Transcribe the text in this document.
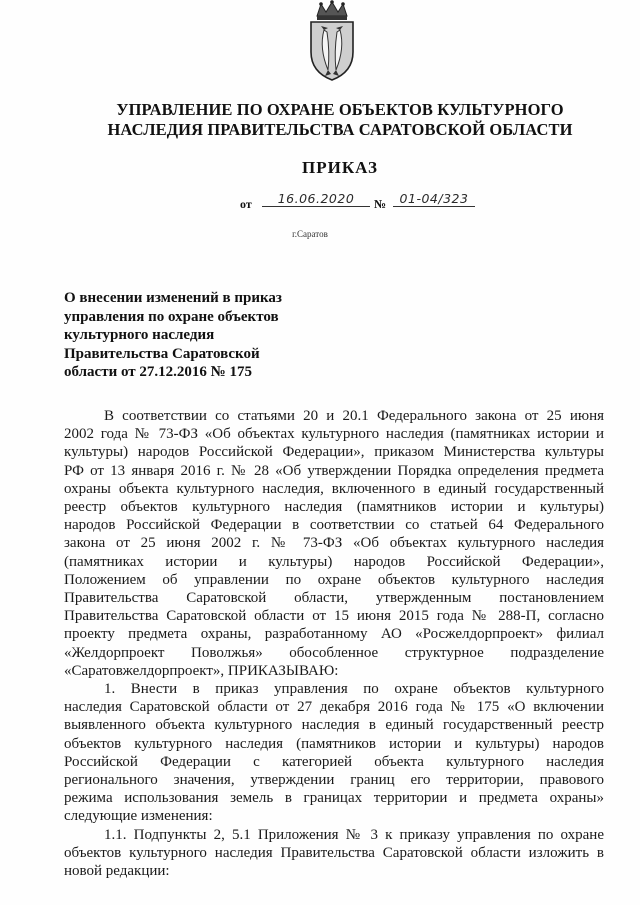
УПРАВЛЕНИЕ ПО ОХРАНЕ ОБЪЕКТОВ КУЛЬТУРНОГО
НАСЛЕДИЯ ПРАВИТЕЛЬСТВА САРАТОВСКОЙ ОБЛАСТИ
ПРИКАЗ
от	16.06.2020	№	01-04/323
г.Саратов
О внесении изменений в приказ
управления по охране объектов
культурного наследия
Правительства Саратовской
области от 27.12.2016 № 175
В соответствии со статьями 20 и 20.1 Федерального закона от 25 июня
2002 года № 73-ФЗ «Об объектах культурного наследия (памятниках истории и
культуры) народов Российской Федерации», приказом Министерства культуры
РФ от 13 января 2016 г. № 28 «Об утверждении Порядка определения предмета
охраны объекта культурного наследия, включенного в единый государственный
реестр объектов культурного наследия (памятников истории и культуры)
народов Российской Федерации в соответствии со статьей 64 Федерального
закона от 25 июня 2002 г. № 73-ФЗ «Об объектах культурного наследия
(памятниках истории и культуры) народов Российской Федерации»,
Положением об управлении по охране объектов культурного наследия
Правительства Саратовской области, утвержденным постановлением
Правительства Саратовской области от 15 июня 2015 года № 288-П, согласно
проекту предмета охраны, разработанному АО «Росжелдорпроект» филиал
«Желдорпроект Поволжья» обособленное структурное подразделение
«Саратовжелдорпроект», ПРИКАЗЫВАЮ:
1. Внести в приказ управления по охране объектов культурного
наследия Саратовской области от 27 декабря 2016 года № 175 «О включении
выявленного объекта культурного наследия в единый государственный реестр
объектов культурного наследия (памятников истории и культуры) народов
Российской Федерации с категорией объекта культурного наследия
регионального значения, утверждении границ его территории, правового
режима использования земель в границах территории и предмета охраны»
следующие изменения:
1.1. Подпункты 2, 5.1 Приложения № 3 к приказу управления по охране
объектов культурного наследия Правительства Саратовской области изложить в
новой редакции:
